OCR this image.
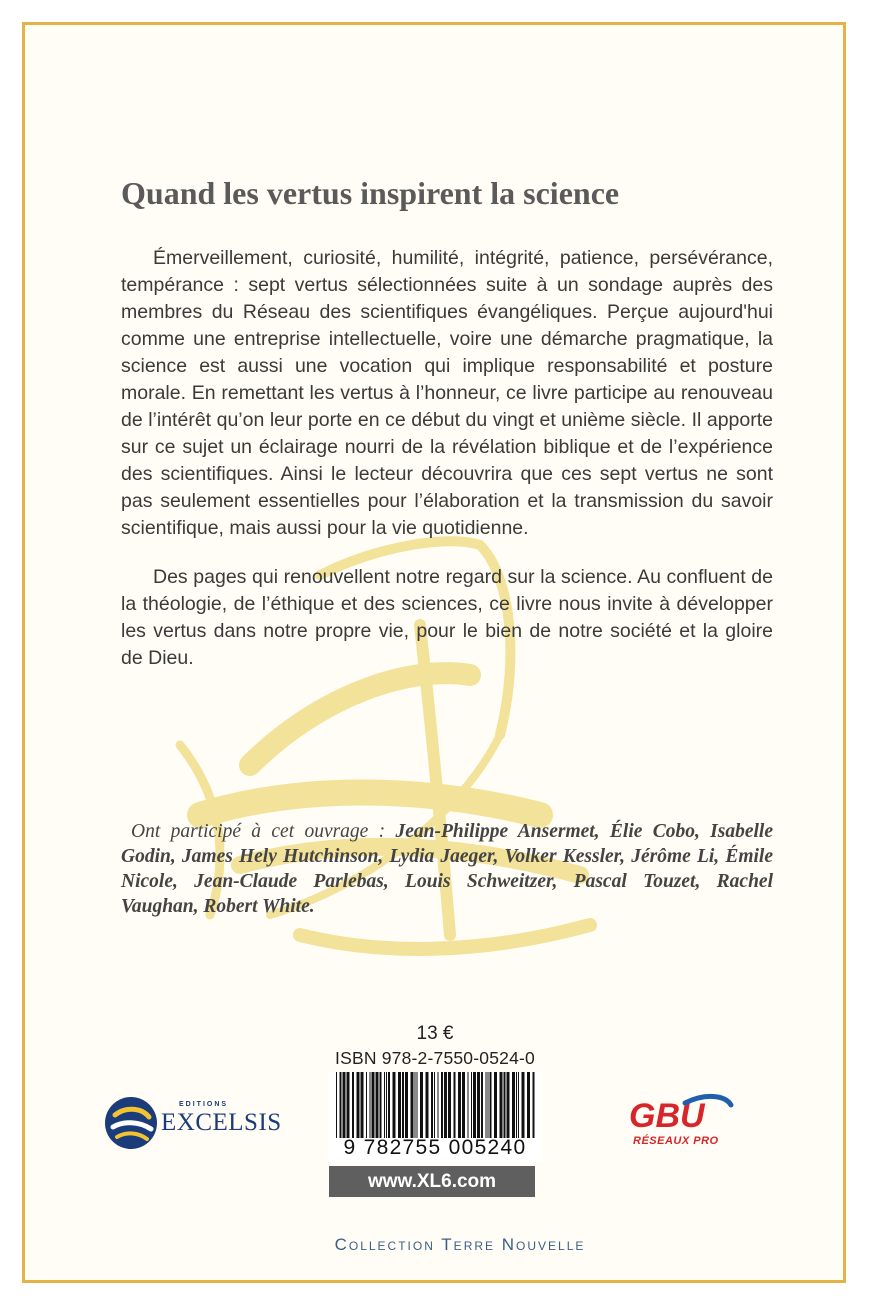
Quand les vertus inspirent la science

Émerveillement, curiosité, humilité, intégrité, patience, persévérance, tempérance : sept vertus sélectionnées suite à un sondage auprès des membres du Réseau des scientifiques évangéliques. Perçue aujourd'hui comme une entreprise intellectuelle, voire une démarche pragmatique, la science est aussi une vocation qui implique responsabilité et posture morale. En remettant les vertus à l’honneur, ce livre participe au renouveau de l’intérêt qu’on leur porte en ce début du vingt et unième siècle. Il apporte sur ce sujet un éclairage nourri de la révélation biblique et de l’expérience des scientifiques. Ainsi le lecteur découvrira que ces sept vertus ne sont pas seulement essentielles pour l’élaboration et la transmission du savoir scientifique, mais aussi pour la vie quotidienne.

Des pages qui renouvellent notre regard sur la science. Au confluent de la théologie, de l’éthique et des sciences, ce livre nous invite à développer les vertus dans notre propre vie, pour le bien de notre société et la gloire de Dieu.

Ont participé à cet ouvrage : Jean-Philippe Ansermet, Élie Cobo, Isabelle Godin, James Hely Hutchinson, Lydia Jaeger, Volker Kessler, Jérôme Li, Émile Nicole, Jean-Claude Parlebas, Louis Schweitzer, Pascal Touzet, Rachel Vaughan, Robert White.

EDITIONS
EXCELSIS
13 €
ISBN 978-2-7550-0524-0
9 782755 005240
www.XL6.com
GBU
RÉSEAUX PRO
Collection Terre Nouvelle
